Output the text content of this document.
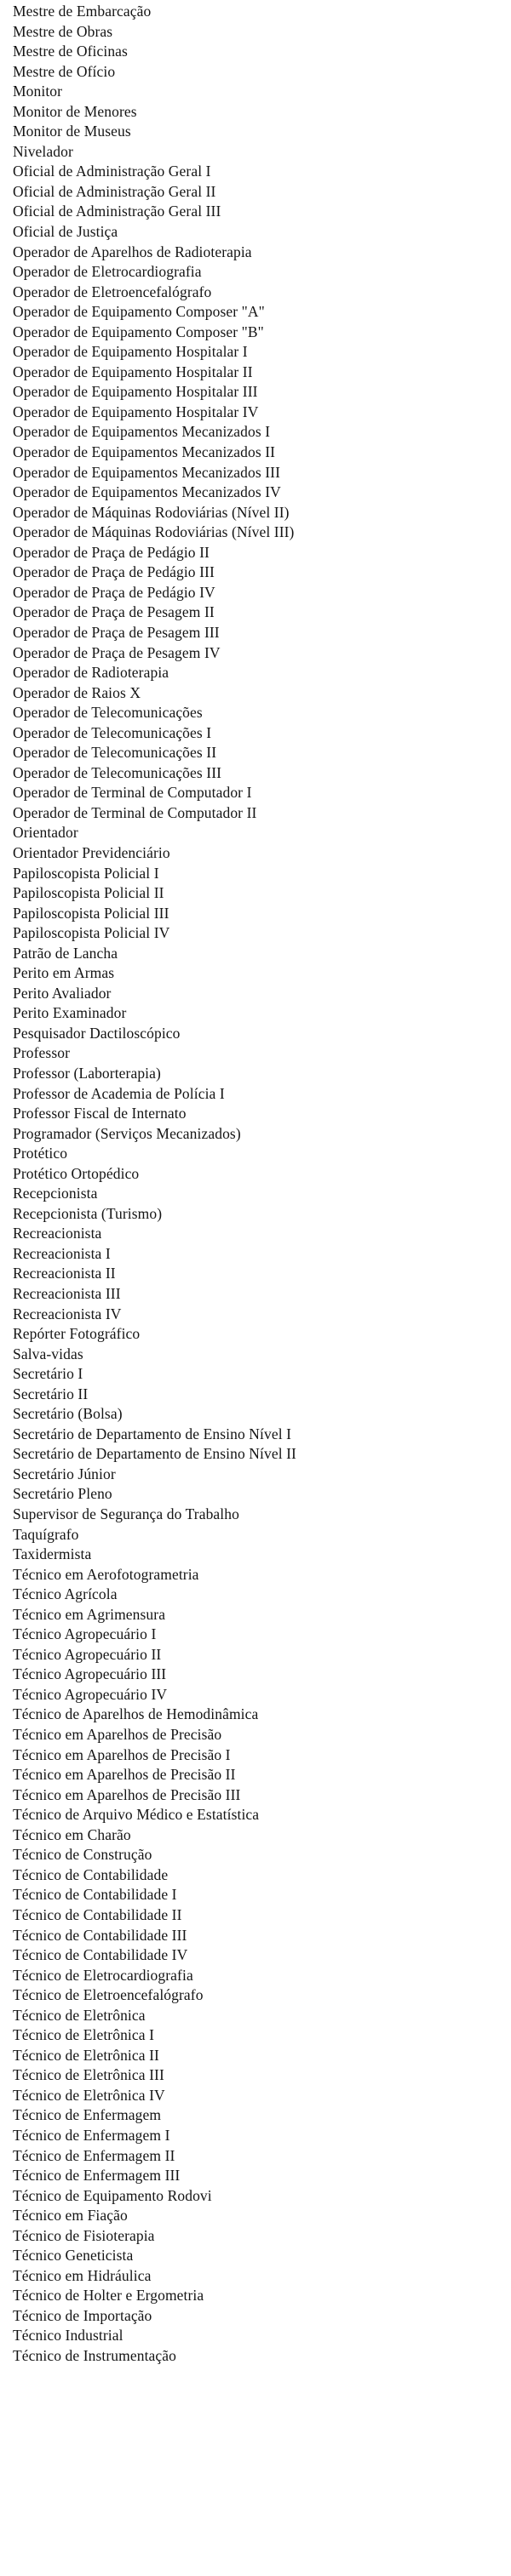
Mestre de Embarcação
Mestre de Obras
Mestre de Oficinas
Mestre de Ofício
Monitor
Monitor de Menores
Monitor de Museus
Nivelador
Oficial de Administração Geral I
Oficial de Administração Geral II
Oficial de Administração Geral III
Oficial de Justiça
Operador de Aparelhos de Radioterapia
Operador de Eletrocardiografia
Operador de Eletroencefalógrafo
Operador de Equipamento Composer "A"
Operador de Equipamento Composer "B"
Operador de Equipamento Hospitalar I
Operador de Equipamento Hospitalar II
Operador de Equipamento Hospitalar III
Operador de Equipamento Hospitalar IV
Operador de Equipamentos Mecanizados I
Operador de Equipamentos Mecanizados II
Operador de Equipamentos Mecanizados III
Operador de Equipamentos Mecanizados IV
Operador de Máquinas Rodoviárias (Nível II)
Operador de Máquinas Rodoviárias (Nível III)
Operador de Praça de Pedágio II
Operador de Praça de Pedágio III
Operador de Praça de Pedágio IV
Operador de Praça de Pesagem II
Operador de Praça de Pesagem III
Operador de Praça de Pesagem IV
Operador de Radioterapia
Operador de Raios X
Operador de Telecomunicações
Operador de Telecomunicações I
Operador de Telecomunicações II
Operador de Telecomunicações III
Operador de Terminal de Computador I
Operador de Terminal de Computador II
Orientador
Orientador Previdenciário
Papiloscopista Policial I
Papiloscopista Policial II
Papiloscopista Policial III
Papiloscopista Policial IV
Patrão de Lancha
Perito em Armas
Perito Avaliador
Perito Examinador
Pesquisador Dactiloscópico
Professor
Professor (Laborterapia)
Professor de Academia de Polícia I
Professor Fiscal de Internato
Programador (Serviços Mecanizados)
Protético
Protético Ortopédico
Recepcionista
Recepcionista (Turismo)
Recreacionista
Recreacionista I
Recreacionista II
Recreacionista III
Recreacionista IV
Repórter Fotográfico
Salva-vidas
Secretário I
Secretário II
Secretário (Bolsa)
Secretário de Departamento de Ensino Nível I
Secretário de Departamento de Ensino Nível II
Secretário Júnior
Secretário Pleno
Supervisor de Segurança do Trabalho
Taquígrafo
Taxidermista
Técnico em Aerofotogrametria
Técnico Agrícola
Técnico em Agrimensura
Técnico Agropecuário I
Técnico Agropecuário II
Técnico Agropecuário III
Técnico Agropecuário IV
Técnico de Aparelhos de Hemodinâmica
Técnico em Aparelhos de Precisão
Técnico em Aparelhos de Precisão I
Técnico em Aparelhos de Precisão II
Técnico em Aparelhos de Precisão III
Técnico de Arquivo Médico e Estatística
Técnico em Charão
Técnico de Construção
Técnico de Contabilidade
Técnico de Contabilidade I
Técnico de Contabilidade II
Técnico de Contabilidade III
Técnico de Contabilidade IV
Técnico de Eletrocardiografia
Técnico de Eletroencefalógrafo
Técnico de Eletrônica
Técnico de Eletrônica I
Técnico de Eletrônica II
Técnico de Eletrônica III
Técnico de Eletrônica IV
Técnico de Enfermagem
Técnico de Enfermagem I
Técnico de Enfermagem II
Técnico de Enfermagem III
Técnico de Equipamento Rodovi
Técnico em Fiação
Técnico de Fisioterapia
Técnico Geneticista
Técnico em Hidráulica
Técnico de Holter e Ergometria
Técnico de Importação
Técnico Industrial
Técnico de Instrumentação
